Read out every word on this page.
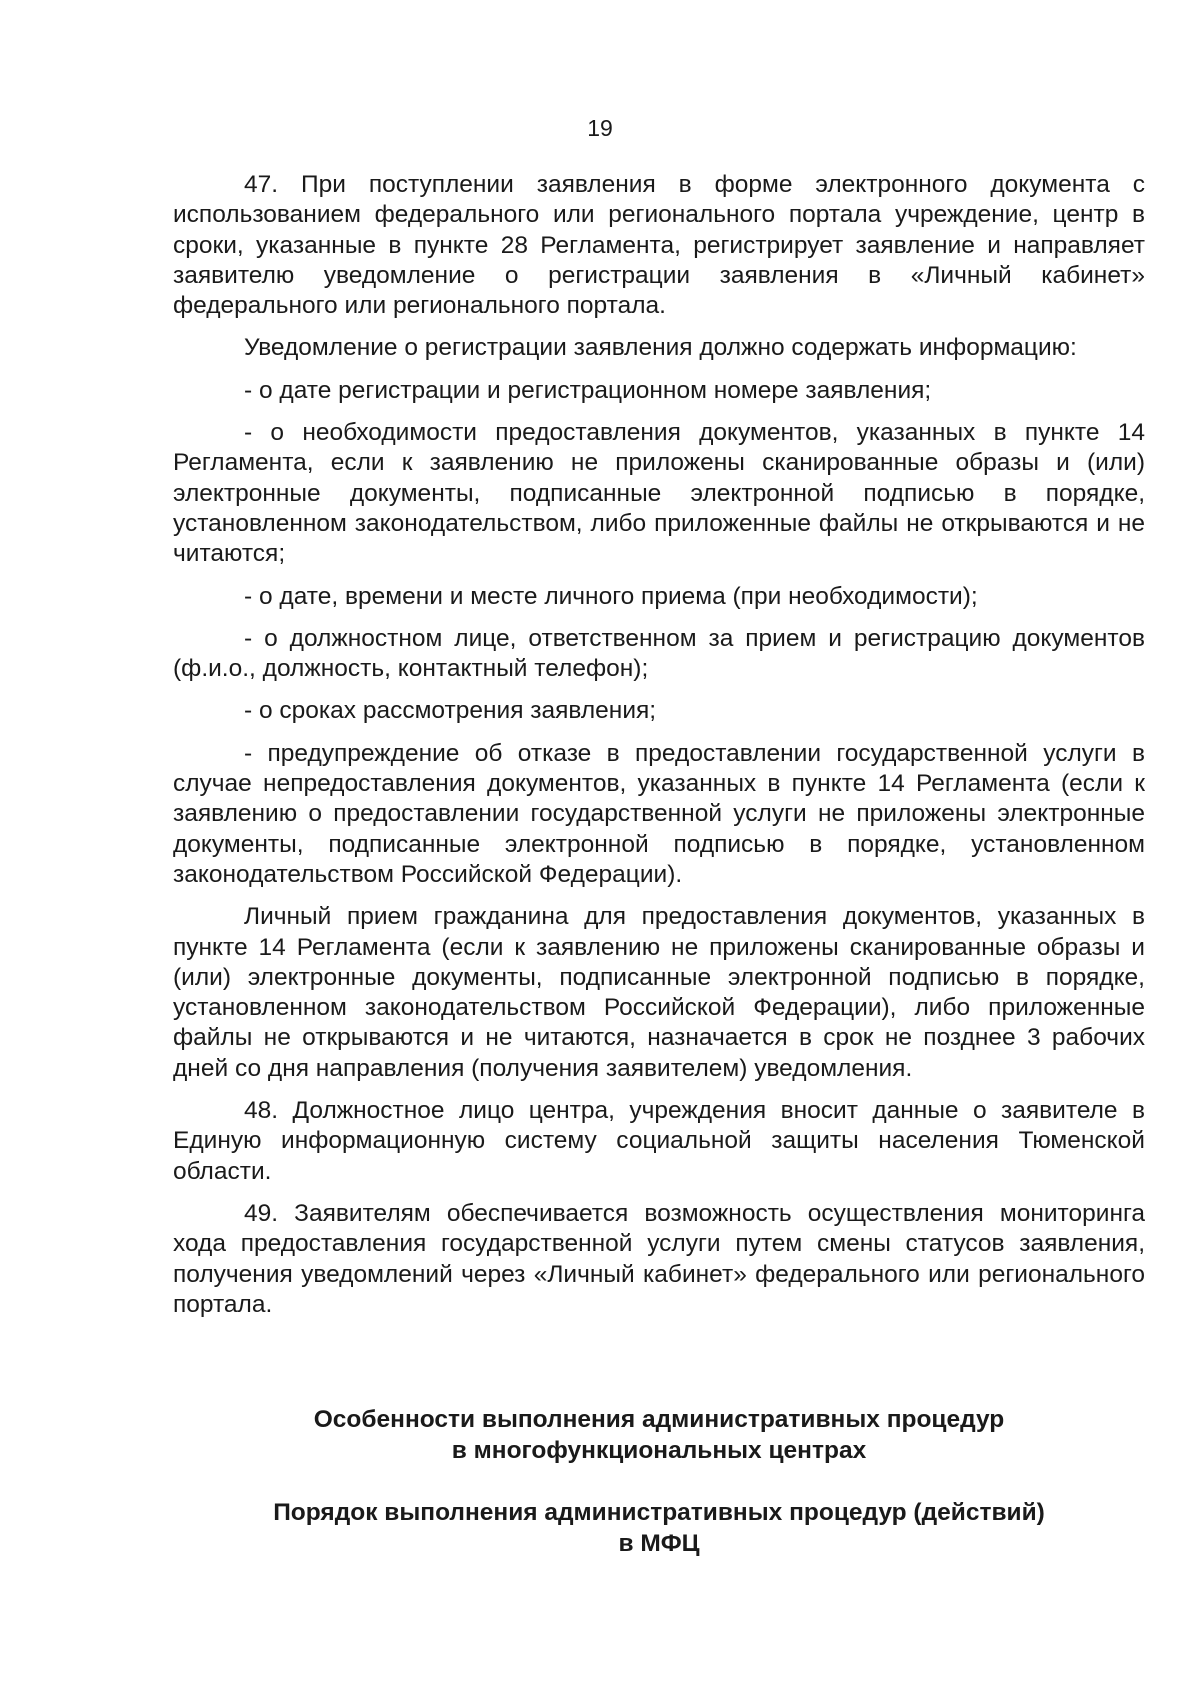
19

47. При поступлении заявления в форме электронного документа с использованием федерального или регионального портала учреждение, центр в сроки, указанные в пункте 28 Регламента, регистрирует заявление и направляет заявителю уведомление о регистрации заявления в «Личный кабинет» федерального или регионального портала.

Уведомление о регистрации заявления должно содержать информацию:

- о дате регистрации и регистрационном номере заявления;

- о необходимости предоставления документов, указанных в пункте 14 Регламента, если к заявлению не приложены сканированные образы и (или) электронные документы, подписанные электронной подписью в порядке, установленном законодательством, либо приложенные файлы не открываются и не читаются;

- о дате, времени и месте личного приема (при необходимости);

- о должностном лице, ответственном за прием и регистрацию документов (ф.и.о., должность, контактный телефон);

- о сроках рассмотрения заявления;

- предупреждение об отказе в предоставлении государственной услуги в случае непредоставления документов, указанных в пункте 14 Регламента (если к заявлению о предоставлении государственной услуги не приложены электронные документы, подписанные электронной подписью в порядке, установленном законодательством Российской Федерации).

Личный прием гражданина для предоставления документов, указанных в пункте 14 Регламента (если к заявлению не приложены сканированные образы и (или) электронные документы, подписанные электронной подписью в порядке, установленном законодательством Российской Федерации), либо приложенные файлы не открываются и не читаются, назначается в срок не позднее 3 рабочих дней со дня направления (получения заявителем) уведомления.

48. Должностное лицо центра, учреждения вносит данные о заявителе в Единую информационную систему социальной защиты населения Тюменской области.

49. Заявителям обеспечивается возможность осуществления мониторинга хода предоставления государственной услуги путем смены статусов заявления, получения уведомлений через «Личный кабинет» федерального или регионального портала.

Особенности выполнения административных процедур
в многофункциональных центрах
Порядок выполнения административных процедур (действий)
в МФЦ
